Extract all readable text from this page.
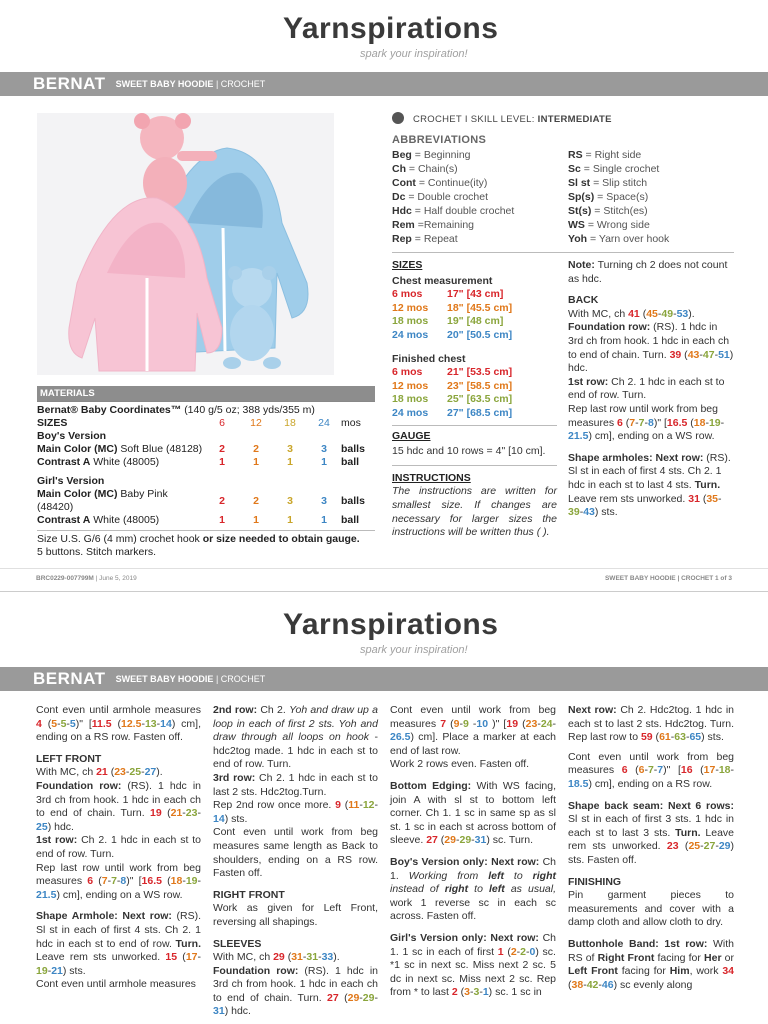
Yarnspirations
spark your inspiration!
BERNAT SWEET BABY HOODIE | CROCHET
MATERIALS
Bernat® Baby Coordinates™ (140 g/5 oz; 388 yds/355 m)
SIZES	6	12	18	24	mos
Boy's Version					
Main Color (MC) Soft Blue (48128)	2	2	3	3	balls
Contrast A White (48005)	1	1	1	1	ball

Girl's Version					
Main Color (MC) Baby Pink (48420)	2	2	3	3	balls
Contrast A White (48005)	1	1	1	1	ball
Size U.S. G/6 (4 mm) crochet hook or size needed to obtain gauge.
5 buttons. Stitch markers.
CROCHET I SKILL LEVEL: INTERMEDIATE
ABBREVIATIONS
Beg = Beginning
Ch = Chain(s)
Cont = Continue(ity)
Dc = Double crochet
Hdc = Half double crochet
Rem =Remaining
Rep = Repeat
RS = Right side
Sc = Single crochet
Sl st = Slip stitch
Sp(s) = Space(s)
St(s) = Stitch(es)
WS = Wrong side
Yoh = Yarn over hook
SIZES
Chest measurement
6 mos	17" [43 cm]
12 mos	18" [45.5 cm]
18 mos	19" [48 cm]
24 mos	20" [50.5 cm]
Finished chest
6 mos	21" [53.5 cm]
12 mos	23" [58.5 cm]
18 mos	25" [63.5 cm]
24 mos	27" [68.5 cm]
GAUGE
15 hdc and 10 rows = 4" [10 cm].
INSTRUCTIONS
The instructions are written for smallest size. If changes are necessary for larger sizes the instructions will be written thus ( ).
Note: Turning ch 2 does not count as hdc.
BACK
With MC, ch 41 (45-49-53).
Foundation row: (RS). 1 hdc in 3rd ch from hook. 1 hdc in each ch to end of chain. Turn. 39 (43-47-51) hdc.
1st row: Ch 2. 1 hdc in each st to end of row. Turn.
Rep last row until work from beg measures 6 (7-7-8)" [16.5 (18-19-21.5) cm], ending on a WS row.
Shape armholes: Next row: (RS). Sl st in each of first 4 sts. Ch 2. 1 hdc in each st to last 4 sts. Turn. Leave rem sts unworked. 31 (35-39-43) sts.
BRC0229-007799M | June 5, 2019	SWEET BABY HOODIE | CROCHET 1 of 3
Yarnspirations
spark your inspiration!
BERNAT SWEET BABY HOODIE | CROCHET
Cont even until armhole measures 4 (5-5-5)" [11.5 (12.5-13-14) cm], ending on a RS row. Fasten off.
LEFT FRONT
With MC, ch 21 (23-25-27).
Foundation row: (RS). 1 hdc in 3rd ch from hook. 1 hdc in each ch to end of chain. Turn. 19 (21-23-25) hdc.
1st row: Ch 2. 1 hdc in each st to end of row. Turn.
Rep last row until work from beg measures 6 (7-7-8)" [16.5 (18-19-21.5) cm], ending on a WS row.
Shape Armhole: Next row: (RS). Sl st in each of first 4 sts. Ch 2. 1 hdc in each st to end of row. Turn. Leave rem sts unworked. 15 (17-19-21) sts.
Cont even until armhole measures
2nd row: Ch 2. Yoh and draw up a loop in each of first 2 sts. Yoh and draw through all loops on hook - hdc2tog made. 1 hdc in each st to end of row. Turn.
3rd row: Ch 2. 1 hdc in each st to last 2 sts. Hdc2tog.Turn.
Rep 2nd row once more. 9 (11-12-14) sts.
Cont even until work from beg measures same length as Back to shoulders, ending on a RS row. Fasten off.
RIGHT FRONT
Work as given for Left Front, reversing all shapings.
SLEEVES
With MC, ch 29 (31-31-33).
Foundation row: (RS). 1 hdc in 3rd ch from hook. 1 hdc in each ch to end of chain. Turn. 27 (29-29-31) hdc.
Cont even until work from beg measures 7 (9-9 -10 )" [19 (23-24-26.5) cm]. Place a marker at each end of last row.
Work 2 rows even. Fasten off.
Bottom Edging: With WS facing, join A with sl st to bottom left corner. Ch 1. 1 sc in same sp as sl st. 1 sc in each st across bottom of sleeve. 27 (29-29-31) sc. Turn.
Boy's Version only: Next row: Ch 1. Working from left to right instead of right to left as usual, work 1 reverse sc in each sc across. Fasten off.
Girl's Version only: Next row: Ch 1. 1 sc in each of first 1 (2-2-0) sc. *1 sc in next sc. Miss next 2 sc. 5 dc in next sc. Miss next 2 sc. Rep from * to last 2 (3-3-1) sc. 1 sc in
Next row: Ch 2. Hdc2tog. 1 hdc in each st to last 2 sts. Hdc2tog. Turn. Rep last row to 59 (61-63-65) sts.
Cont even until work from beg measures 6 (6-7-7)" [16 (17-18-18.5) cm], ending on a RS row.
Shape back seam: Next 6 rows: Sl st in each of first 3 sts. 1 hdc in each st to last 3 sts. Turn. Leave rem sts unworked. 23 (25-27-29) sts. Fasten off.
FINISHING
Pin garment pieces to measurements and cover with a damp cloth and allow cloth to dry.
Buttonhole Band: 1st row: With RS of Right Front facing for Her or Left Front facing for Him, work 34 (38-42-46) sc evenly along
